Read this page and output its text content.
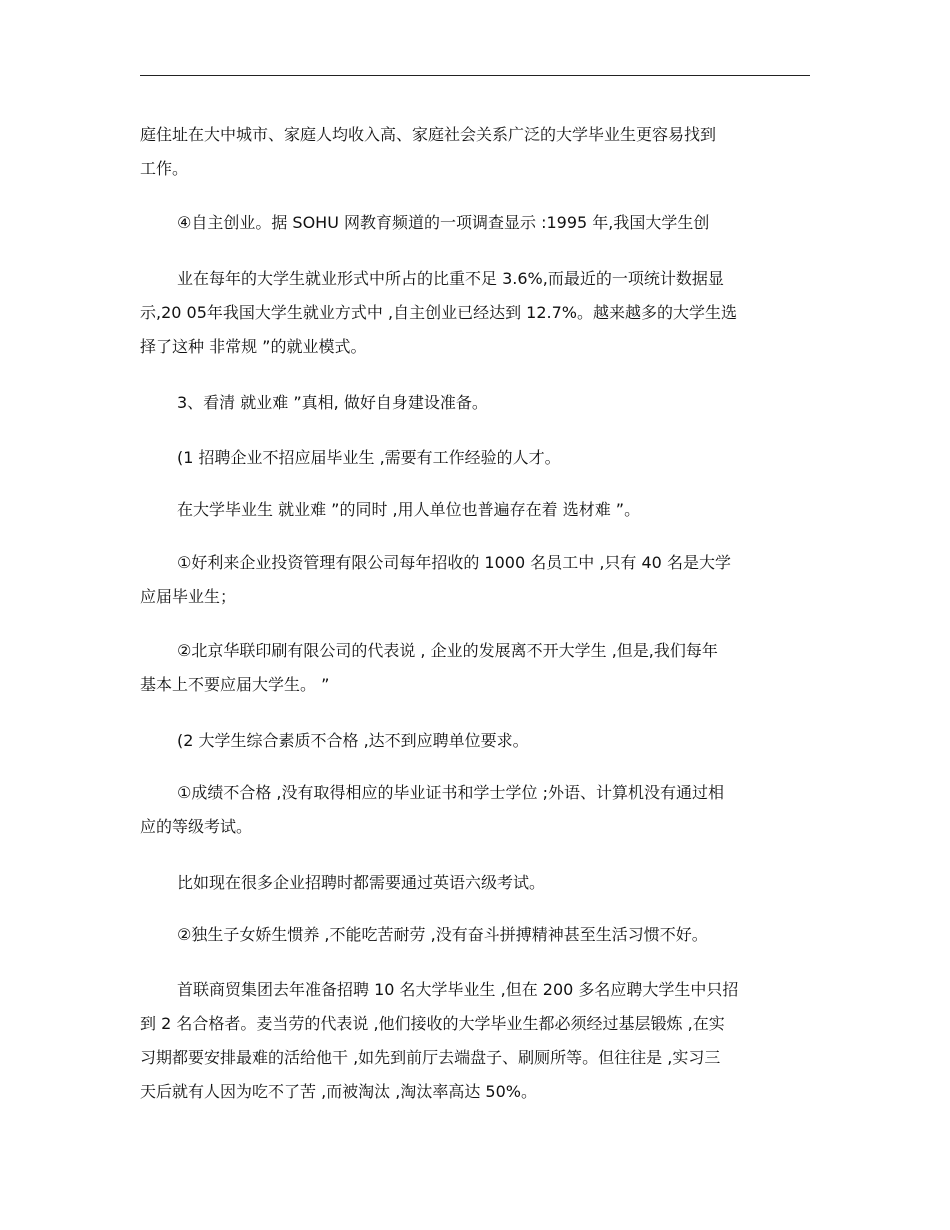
庭住址在大中城市、家庭人均收入高、家庭社会关系广泛的大学毕业生更容易找到
工作。
④自主创业。据 SOHU 网教育频道的一项调查显示 :1995 年,我国大学生创
业在每年的大学生就业形式中所占的比重不足 3.6%,而最近的一项统计数据显
示,20 05年我国大学生就业方式中 ,自主创业已经达到 12.7%。越来越多的大学生选
择了这种 非常规 ”的就业模式。
3、看清 就业难 ”真相, 做好自身建设准备。
(1 招聘企业不招应届毕业生 ,需要有工作经验的人才。
在大学毕业生 就业难 ”的同时 ,用人单位也普遍存在着 选材难 ”。
①好利来企业投资管理有限公司每年招收的 1000 名员工中 ,只有 40 名是大学
应届毕业生；
②北京华联印刷有限公司的代表说 , 企业的发展离不开大学生 ,但是,我们每年
基本上不要应届大学生。 ”
(2 大学生综合素质不合格 ,达不到应聘单位要求。
①成绩不合格 ,没有取得相应的毕业证书和学士学位 ;外语、计算机没有通过相
应的等级考试。
比如现在很多企业招聘时都需要通过英语六级考试。
②独生子女娇生惯养 ,不能吃苦耐劳 ,没有奋斗拼搏精神甚至生活习惯不好。
首联商贸集团去年准备招聘 10 名大学毕业生 ,但在 200 多名应聘大学生中只招
到 2 名合格者。麦当劳的代表说 ,他们接收的大学毕业生都必须经过基层锻炼 ,在实
习期都要安排最难的活给他干 ,如先到前厅去端盘子、刷厕所等。但往往是 ,实习三
天后就有人因为吃不了苦 ,而被淘汰 ,淘汰率高达 50%。
